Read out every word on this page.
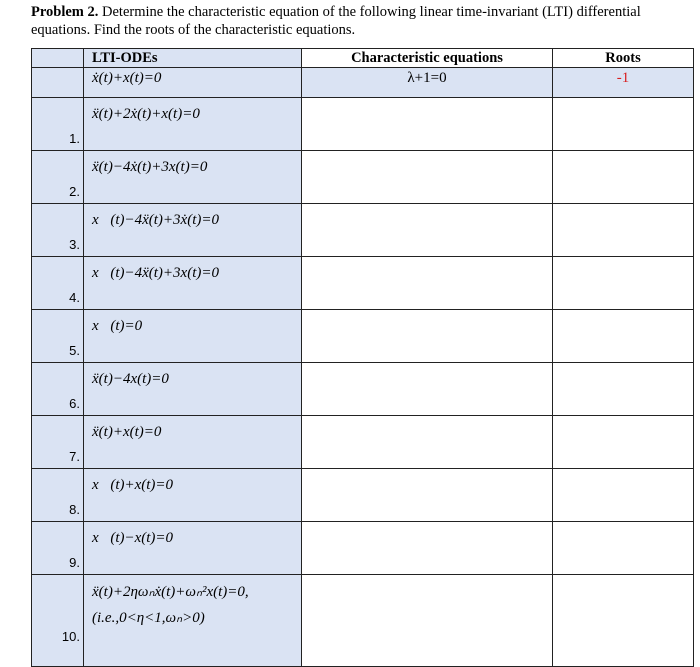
Problem 2. Determine the characteristic equation of the following linear time-invariant (LTI) differential equations. Find the roots of the characteristic equations.
	LTI-ODEs	Characteristic equations	Roots
	ẋ(t)+x(t)=0	λ+1=0	-1
1.	ẍ(t)+2ẋ(t)+x(t)=0		
2.	ẍ(t)−4ẋ(t)+3x(t)=0		
3.	x⃛(t)−4ẍ(t)+3ẋ(t)=0		
4.	x⃛(t)−4ẍ(t)+3x(t)=0		
5.	x⃛(t)=0		
6.	ẍ(t)−4x(t)=0		
7.	ẍ(t)+x(t)=0		
8.	x⃛(t)+x(t)=0		
9.	x⃛(t)−x(t)=0		
10.	ẍ(t)+2ηωₙẋ(t)+ωₙ²x(t)=0,
(i.e.,0<η<1,ωₙ>0)		
